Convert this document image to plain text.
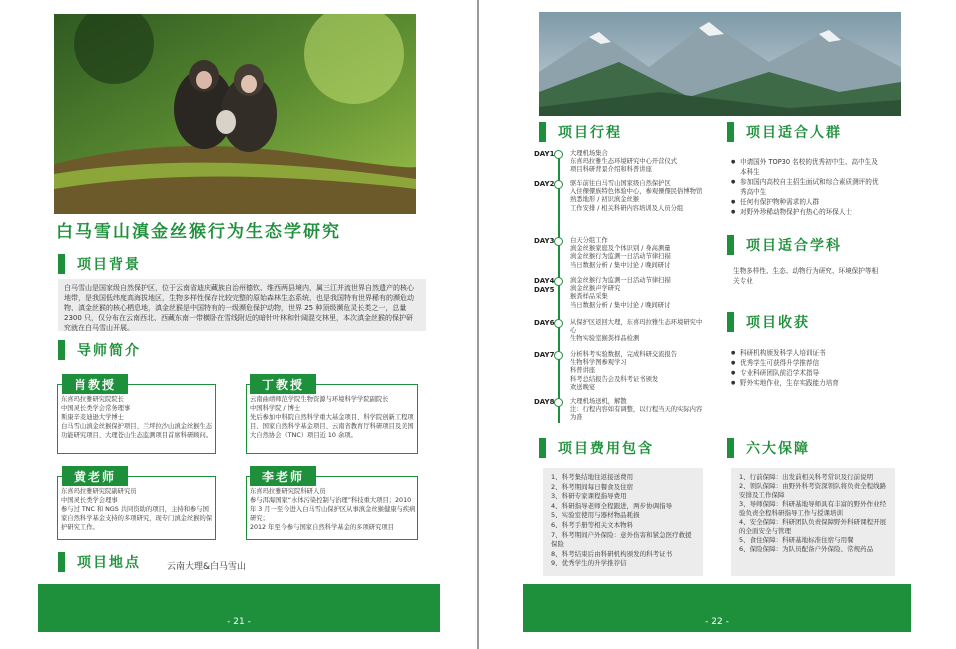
白马雪山滇金丝猴行为生态学研究
项目背景
白马雪山是国家级自然保护区，位于云南省迪庆藏族自治州德钦、维西两县境内，属三江并流世界自然遗产的核心地带，是我国低纬度高海拔地区，生物多样性保存比较完整的原始森林生态系统，也是我国特有世界稀有的濒危动物、滇金丝猴的核心栖息地，滇金丝猴是中国特有的一级濒危保护动物，世界 25 种顶级濒危灵长类之一，总量 2300 只，仅分布在云南西北、西藏东南一带横卧在雪线附近的暗针叶林和针阔混交林里，本次滇金丝猴的保护研究就在白马雪山开展。
导师简介
东喜玛拉雅研究院院长
中国灵长类学会常务理事
斯康辛麦迪逊大学博士
白马雪山滇金丝猴保护项目、兰坪拉沙山滇金丝猴生态功能研究项目、大理苍山生态监测项目首席科研顾问。
肖教授
云南曲靖师范学院生物资源与环境科学学院副院长
中国科学院 / 博士
先后参加中科院自然科学重大基金项目、科学院创新工程项目、国家自然科学基金项目、云南省教育厅科研项目及美国大自然协会（TNC）项目近 10 余项。
丁教授
东喜玛拉雅研究院副研究员
中国灵长类学会理事
参与过 TNC 和 NGS 共同资助的项目，主持和参与国家自然科学基金支持的多项研究，现专门滇金丝猴的保护研究工作。
黄老师
东喜玛拉雅研究院科研人员
参与洱海国家“水体污染控制与治理”科技重大项目；2010 年 3 月一至今进入白马雪山保护区从事滇金丝猴健康与疾病研究；
2012 年至今参与国家自然科学基金的多项研究项目
李老师
项目地点	云南大理&白马雪山
- 21 -
项目行程
DAY1 大理机场集合
东喜玛拉雅生态环境研究中心开营仪式
项目科研背景介绍和科普讲座
DAY2 驱车前往白马雪山国家级自然保护区
入住傈僳族特色体验中心，参观傈僳民俗博物馆
熟悉地形 / 初识滇金丝猴
工作安排 / 相关科研内容培训及人员分组
DAY3 白天分组工作
滇金丝猴家庭及个体识别 / 身高测量
滇金丝猴行为监测一日活动节律扫描
当日数据分析 / 集中讨论 / 晚间研讨
DAY4
DAY5
滇金丝猴行为监测一日活动节律扫描
滇金丝猴声学研究
猴粪样品采集
当日数据分析 / 集中讨论 / 晚间研讨
DAY6 从保护区返回大理，东喜玛拉雅生态环境研究中心
生物实验室猴粪样品检测
DAY7 分析科考实验数据，完成科研交流报告
生物科学图参观学习
科普讲座
科考总结报告会及科考证书颁发
欢送晚宴
DAY8 大理机场送机，解散
注：行程内容如有调整，以行程当天的实际内容为准
项目适合人群
● 申请国外 TOP30 名校的优秀初中生、高中生及本科生
● 参加国内高校自主招生面试和综合素质测评的优秀高中生
● 任何有保护物种需求的人群
● 对野外珍稀动物保护有热心的环保人士
项目适合学科
生物多样性、生态、动物行为研究、环境保护等相关专业
项目收获
● 科研机构颁发科学人培训证书
● 优秀学生可获得升学推荐信
● 专业科研团队前沿学术指导
● 野外实地作业，生存实践能力培育
项目费用包含
1、科考集结地往返接送费用
2、科考期间每日餐食及住宿
3、科研专家课程指导费用
4、科研指导老师全程跟进，两步协调指导
5、实验室使用与器材物品耗损
6、科考手册等相关文本物料
7、科考期间户外保险：意外伤害和紧急医疗救援保险
8、科考结束后由科研机构颁发的科考证书
9、优秀学生的升学推荐信
六大保障
1、行前保障：出发前相关科考常识及行前说明
2、领队保障：由野外科考资深领队将负责全程线路安排及工作保障
3、导师保障：科研基地导师具有丰富的野外作业经验负责全程科研指导工作与授课培训
4、安全保障：科研团队负责保障野外科研课程开展的全面安全与管理
5、食住保障：科研基地标准住宿与用餐
6、保险保障：为队员配备户外保险、常规药品
- 22 -
